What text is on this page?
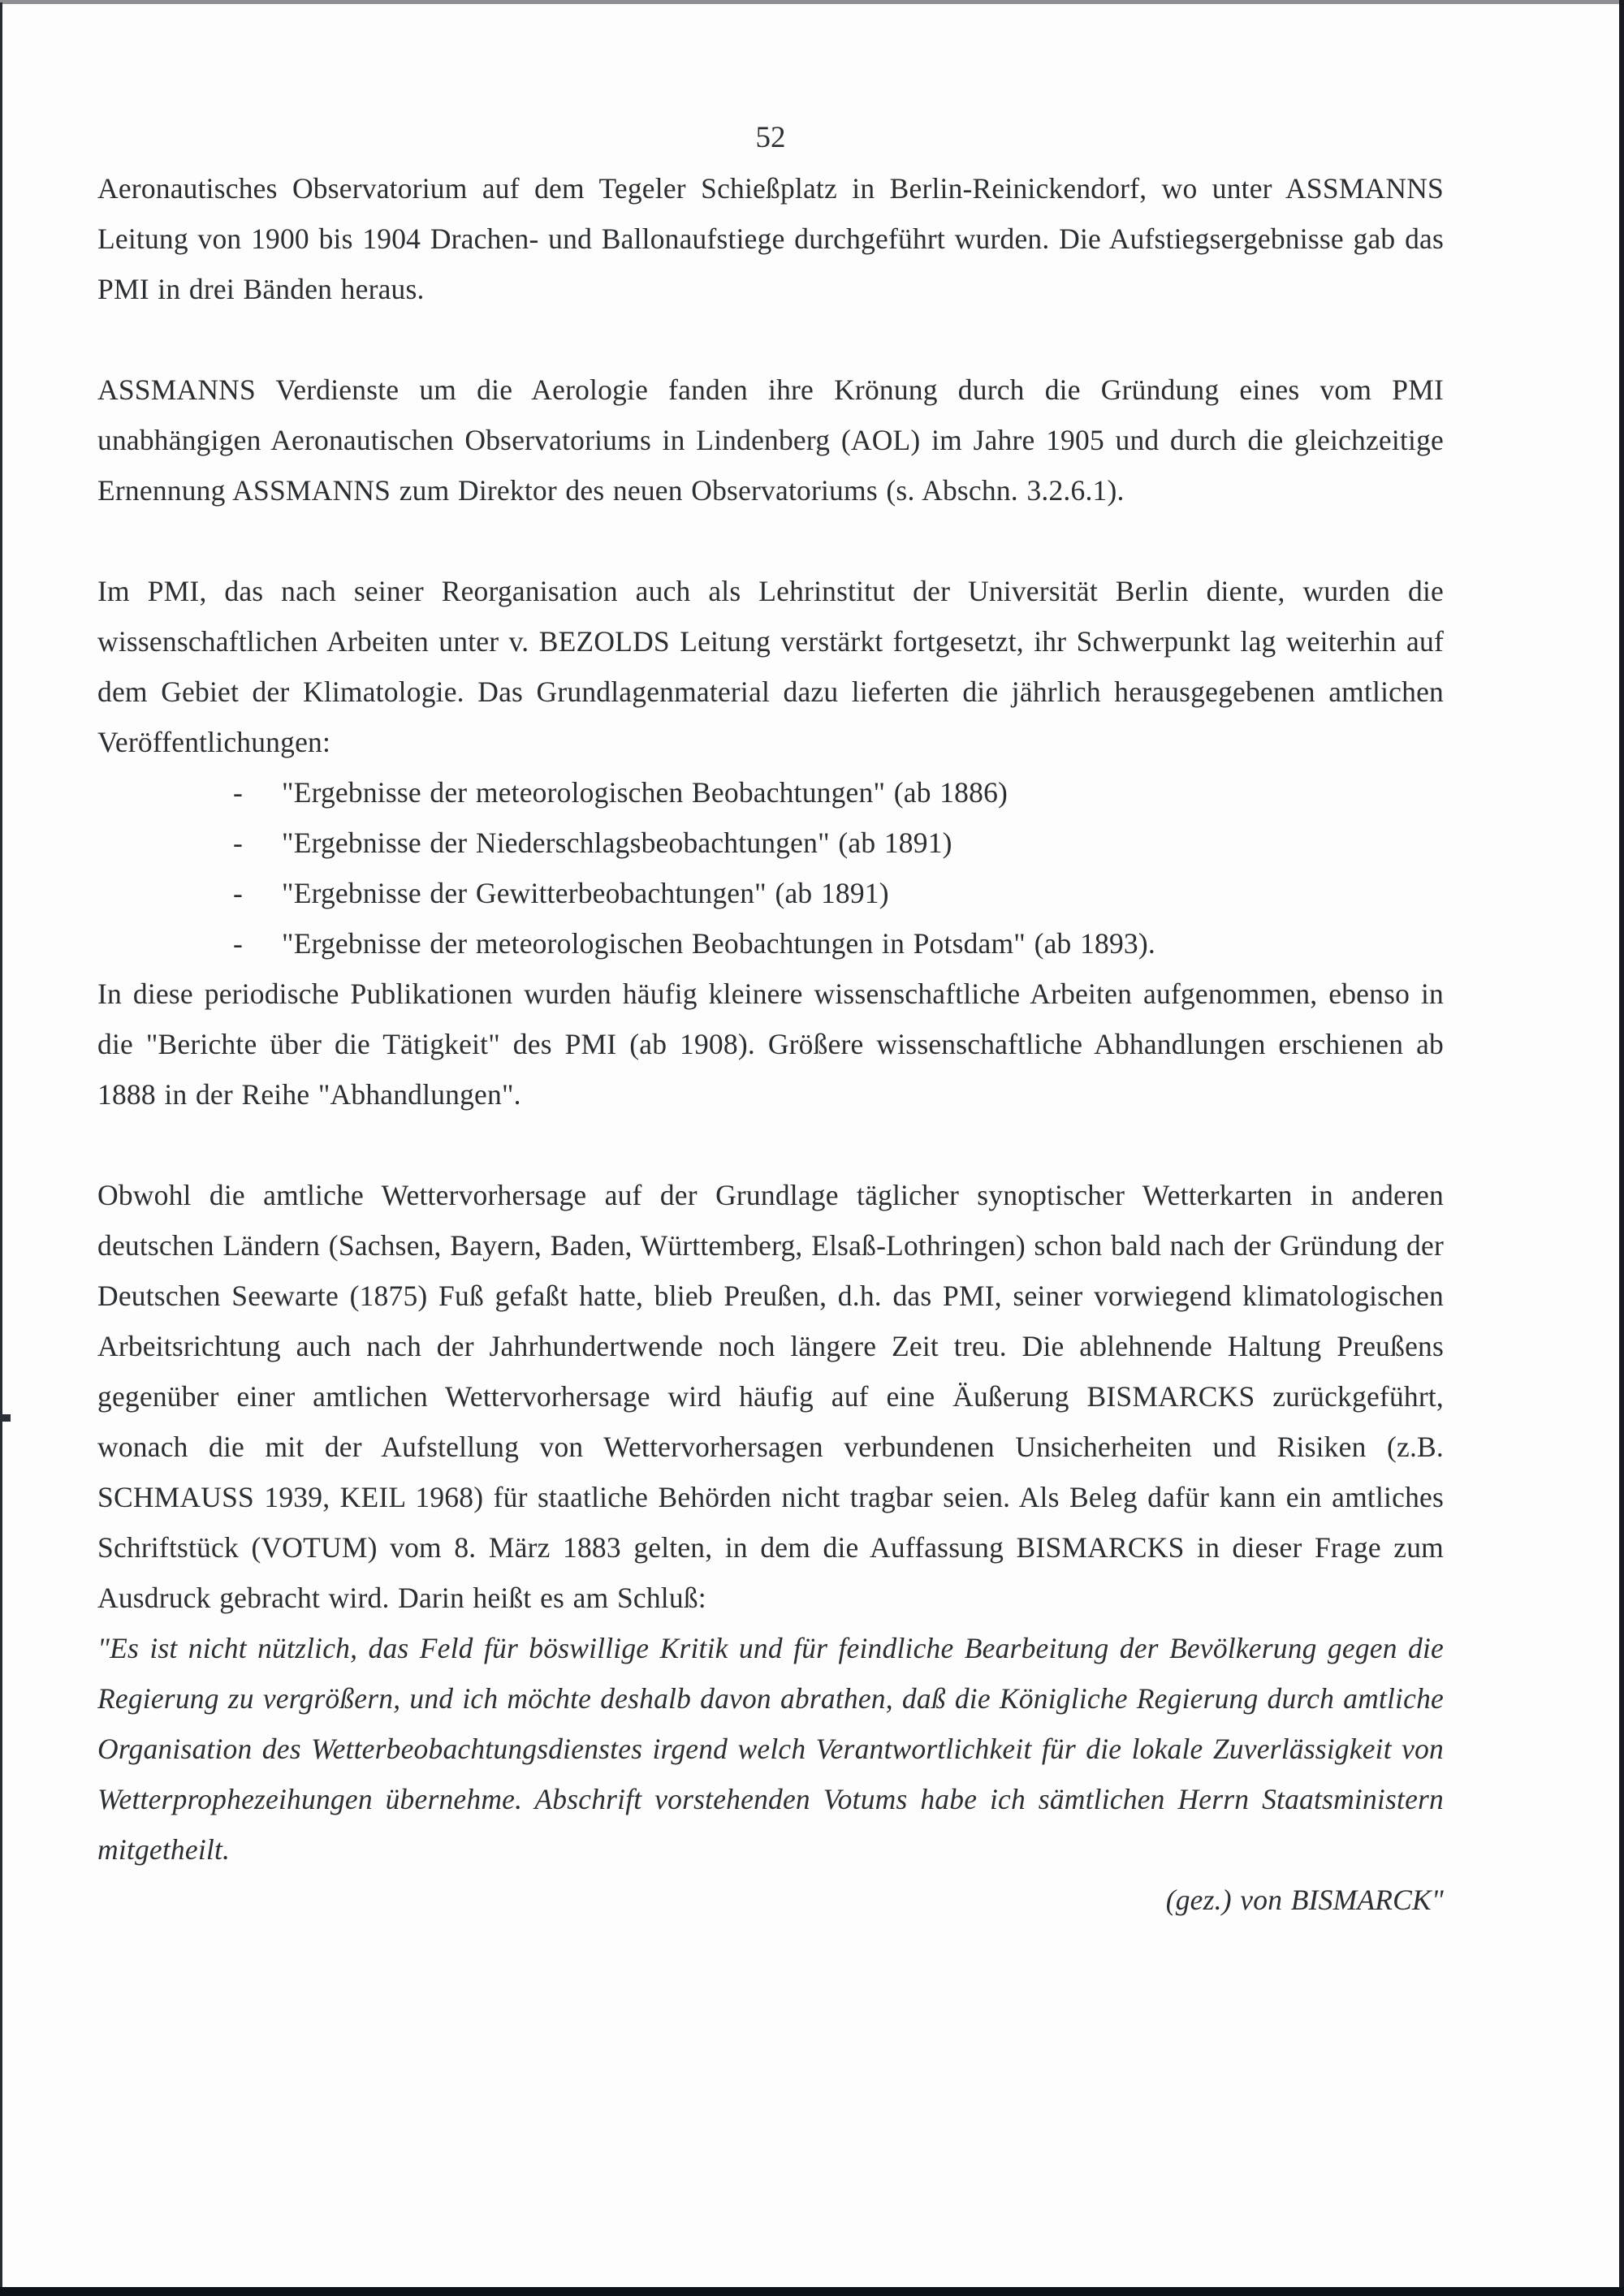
52

Aeronautisches Observatorium auf dem Tegeler Schießplatz in Berlin-Reinickendorf, wo unter ASSMANNS Leitung von 1900 bis 1904 Drachen- und Ballonaufstiege durchgeführt wurden. Die Aufstiegsergebnisse gab das PMI in drei Bänden heraus.

ASSMANNS Verdienste um die Aerologie fanden ihre Krönung durch die Gründung eines vom PMI unabhängigen Aeronautischen Observatoriums in Lindenberg (AOL) im Jahre 1905 und durch die gleichzeitige Ernennung ASSMANNS zum Direktor des neuen Observatoriums (s. Abschn. 3.2.6.1).

Im PMI, das nach seiner Reorganisation auch als Lehrinstitut der Universität Berlin diente, wurden die wissenschaftlichen Arbeiten unter v. BEZOLDS Leitung verstärkt fortgesetzt, ihr Schwerpunkt lag weiterhin auf dem Gebiet der Klimatologie. Das Grundlagenmaterial dazu lieferten die jährlich herausgegebenen amtlichen Veröffentlichungen:

-	"Ergebnisse der meteorologischen Beobachtungen" (ab 1886)
-	"Ergebnisse der Niederschlagsbeobachtungen" (ab 1891)
-	"Ergebnisse der Gewitterbeobachtungen" (ab 1891)
-	"Ergebnisse der meteorologischen Beobachtungen in Potsdam" (ab 1893).

In diese periodische Publikationen wurden häufig kleinere wissenschaftliche Arbeiten aufgenommen, ebenso in die "Berichte über die Tätigkeit" des PMI (ab 1908). Größere wissenschaftliche Abhandlungen erschienen ab 1888 in der Reihe "Abhandlungen".

Obwohl die amtliche Wettervorhersage auf der Grundlage täglicher synoptischer Wetterkarten in anderen deutschen Ländern (Sachsen, Bayern, Baden, Württemberg, Elsaß-Lothringen) schon bald nach der Gründung der Deutschen Seewarte (1875) Fuß gefaßt hatte, blieb Preußen, d.h. das PMI, seiner vorwiegend klimatologischen Arbeitsrichtung auch nach der Jahrhundertwende noch längere Zeit treu. Die ablehnende Haltung Preußens gegenüber einer amtlichen Wettervorhersage wird häufig auf eine Äußerung BISMARCKS zurückgeführt, wonach die mit der Aufstellung von Wettervorhersagen verbundenen Unsicherheiten und Risiken (z.B. SCHMAUSS 1939, KEIL 1968) für staatliche Behörden nicht tragbar seien. Als Beleg dafür kann ein amtliches Schriftstück (VOTUM) vom 8. März 1883 gelten, in dem die Auffassung BISMARCKS in dieser Frage zum Ausdruck gebracht wird. Darin heißt es am Schluß:

"Es ist nicht nützlich, das Feld für böswillige Kritik und für feindliche Bearbeitung der Bevölkerung gegen die Regierung zu vergrößern, und ich möchte deshalb davon abrathen, daß die Königliche Regierung durch amtliche Organisation des Wetterbeobachtungsdienstes irgend welch Verantwortlichkeit für die lokale Zuverlässigkeit von Wetterprophezeihungen übernehme. Abschrift vorstehenden Votums habe ich sämtlichen Herrn Staatsministern mitgetheilt.

(gez.) von BISMARCK"
